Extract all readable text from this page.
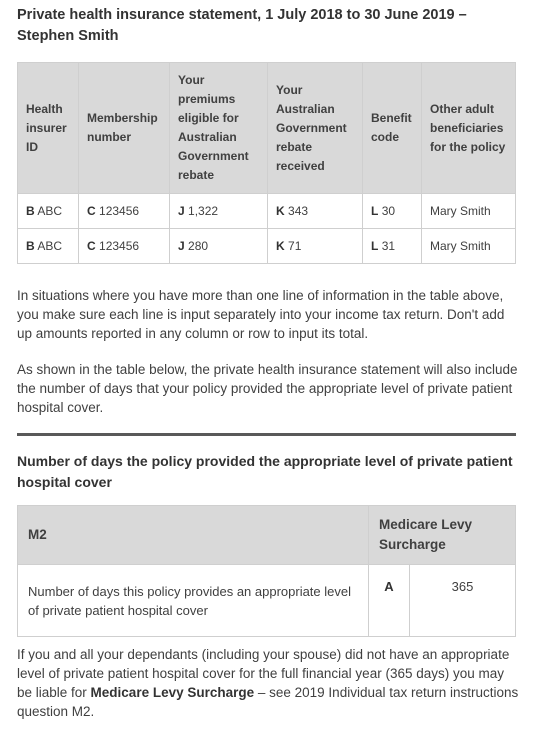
Private health insurance statement, 1 July 2018 to 30 June 2019 – Stephen Smith
Health insurer ID	Membership number	Your premiums eligible for Australian Government rebate	Your Australian Government rebate received	Benefit code	Other adult beneficiaries for the policy
B ABC	C 123456	J 1,322	K 343	L 30	Mary Smith
B ABC	C 123456	J 280	K 71	L 31	Mary Smith

In situations where you have more than one line of information in the table above, you make sure each line is input separately into your income tax return. Don't add up amounts reported in any column or row to input its total.

As shown in the table below, the private health insurance statement will also include the number of days that your policy provided the appropriate level of private patient hospital cover.

Number of days the policy provided the appropriate level of private patient hospital cover
M2	Medicare Levy Surcharge	
Number of days this policy provides an appropriate level of private patient hospital cover	A	365

If you and all your dependants (including your spouse) did not have an appropriate level of private patient hospital cover for the full financial year (365 days) you may be liable for Medicare Levy Surcharge – see 2019 Individual tax return instructions question M2.
